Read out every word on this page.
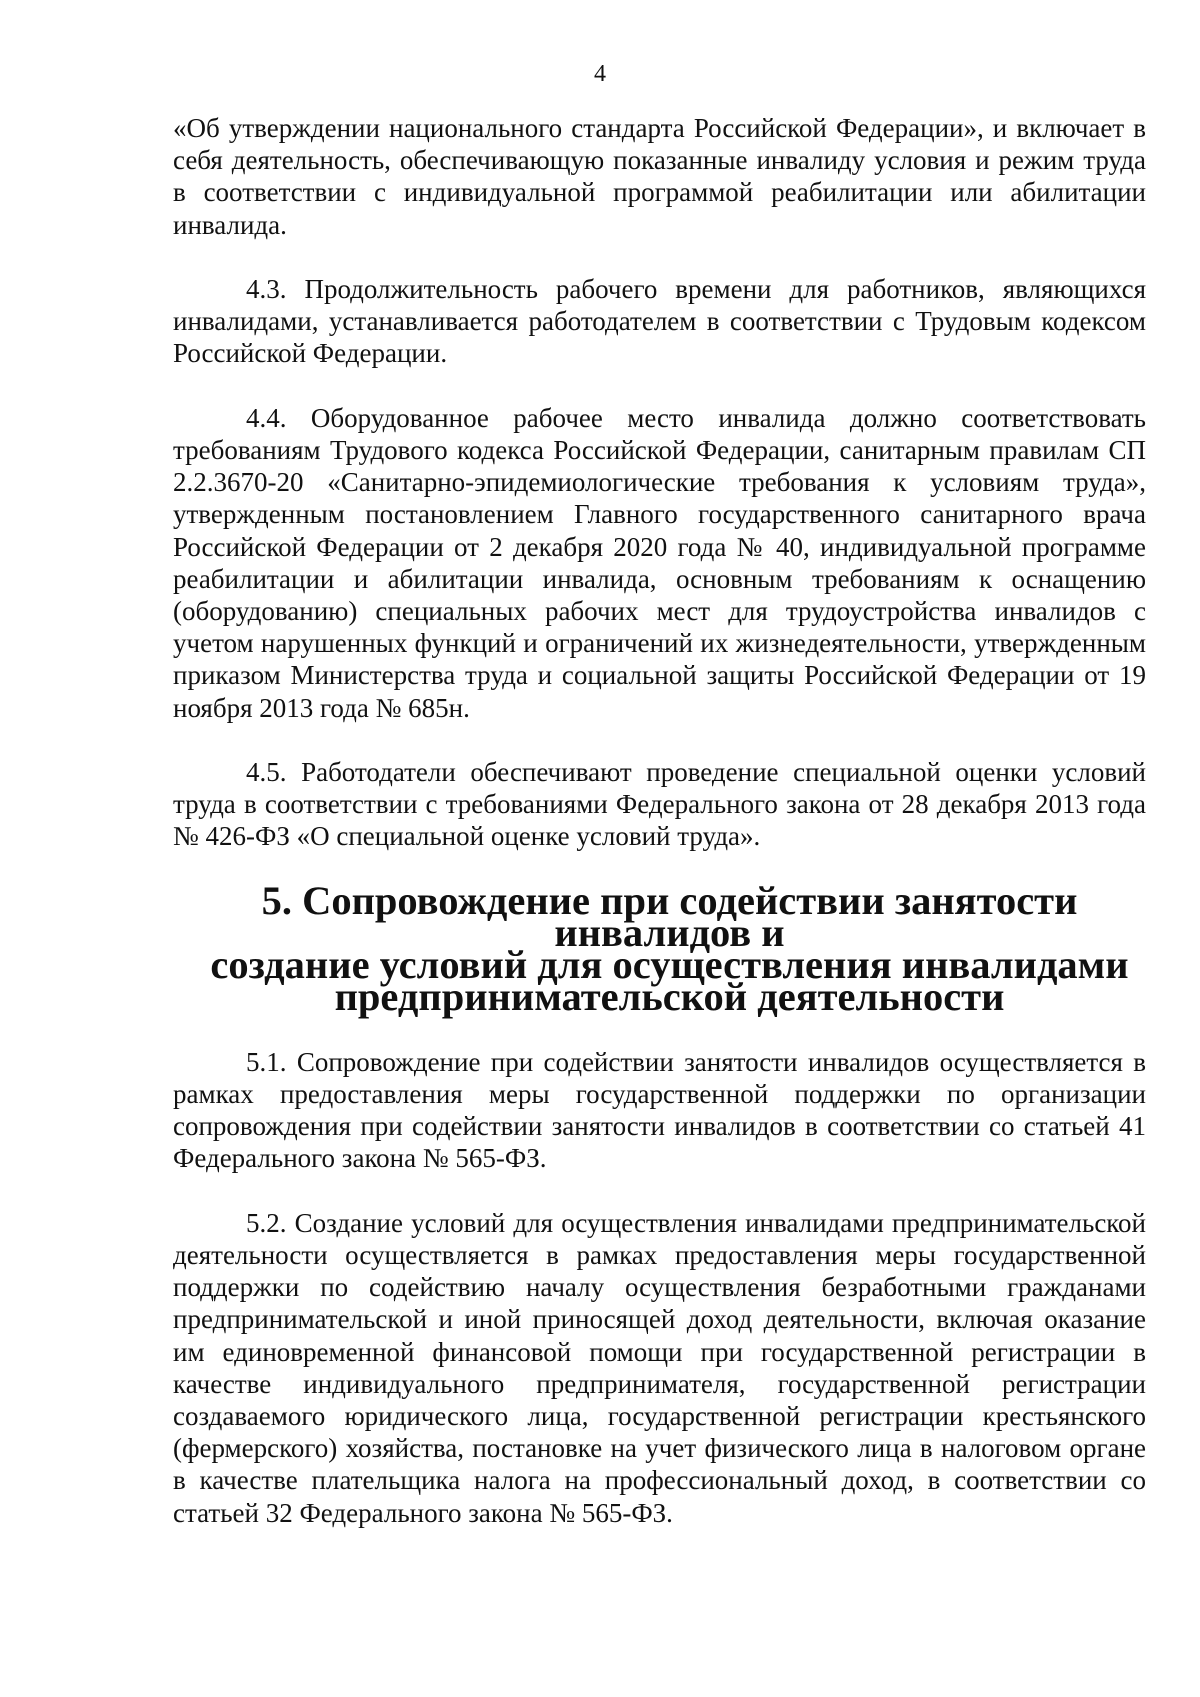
4

«Об утверждении национального стандарта Российской Федерации», и включает в себя деятельность, обеспечивающую показанные инвалиду условия и режим труда в соответствии с индивидуальной программой реабилитации или абилитации инвалида.

4.3. Продолжительность рабочего времени для работников, являющихся инвалидами, устанавливается работодателем в соответствии с Трудовым кодексом Российской Федерации.

4.4. Оборудованное рабочее место инвалида должно соответствовать требованиям Трудового кодекса Российской Федерации, санитарным правилам СП 2.2.3670-20 «Санитарно-эпидемиологические требования к условиям труда», утвержденным постановлением Главного государственного санитарного врача Российской Федерации от 2 декабря 2020 года № 40, индивидуальной программе реабилитации и абилитации инвалида, основным требованиям к оснащению (оборудованию) специальных рабочих мест для трудоустройства инвалидов с учетом нарушенных функций и ограничений их жизнедеятельности, утвержденным приказом Министерства труда и социальной защиты Российской Федерации от 19 ноября 2013 года № 685н.

4.5. Работодатели обеспечивают проведение специальной оценки условий труда в соответствии с требованиями Федерального закона от 28 декабря 2013 года № 426-ФЗ «О специальной оценке условий труда».

5. Сопровождение при содействии занятости инвалидов и
создание условий для осуществления инвалидами
предпринимательской деятельности

5.1. Сопровождение при содействии занятости инвалидов осуществляется в рамках предоставления меры государственной поддержки по организации сопровождения при содействии занятости инвалидов в соответствии со статьей 41 Федерального закона № 565-ФЗ.

5.2. Создание условий для осуществления инвалидами предпринимательской деятельности осуществляется в рамках предоставления меры государственной поддержки по содействию началу осуществления безработными гражданами предпринимательской и иной приносящей доход деятельности, включая оказание им единовременной финансовой помощи при государственной регистрации в качестве индивидуального предпринимателя, государственной регистрации создаваемого юридического лица, государственной регистрации крестьянского (фермерского) хозяйства, постановке на учет физического лица в налоговом органе в качестве плательщика налога на профессиональный доход, в соответствии со статьей 32 Федерального закона № 565-ФЗ.
